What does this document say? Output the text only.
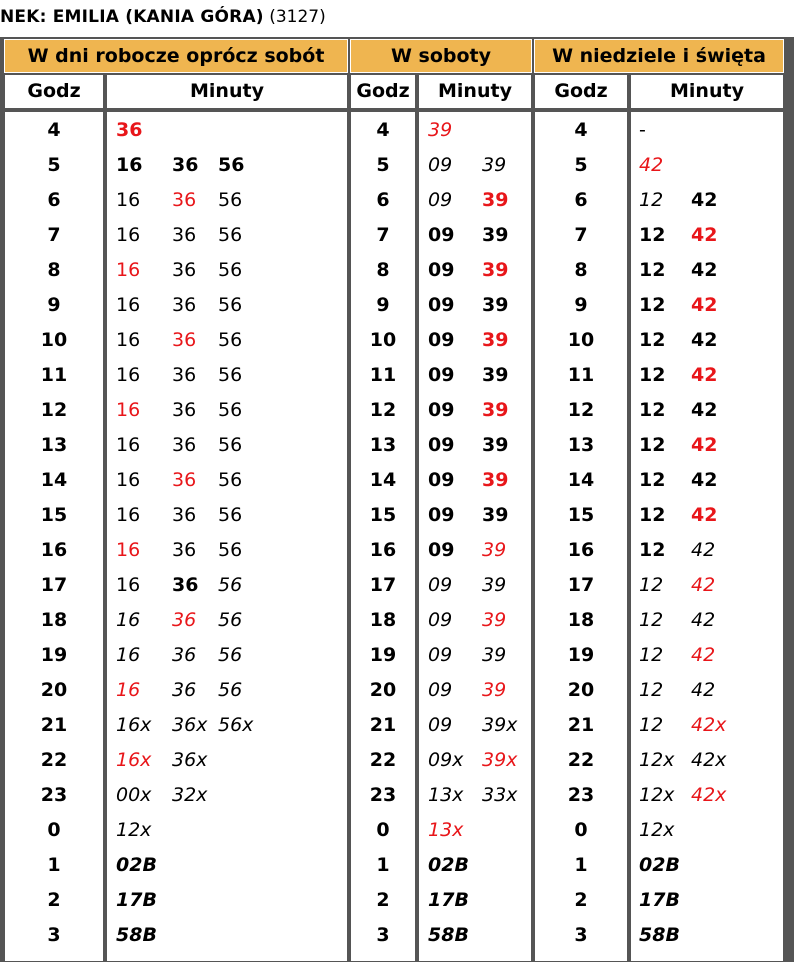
NEK: EMILIA (KANIA GÓRA) (3127)
W dni robocze oprócz sobót
Godz	Minuty
4	36
5	16 36 56
6	16 36 56
7	16 36 56
8	16 36 56
9	16 36 56
10	16 36 56
11	16 36 56
12	16 36 56
13	16 36 56
14	16 36 56
15	16 36 56
16	16 36 56
17	16 36 56
18	16 36 56
19	16 36 56
20	16 36 56
21	16x 36x 56x
22	16x 36x
23	00x 32x
0	12x
1	02B
2	17B
3	58B
W soboty
Godz	Minuty
4	39
5	09 39
6	09 39
7	09 39
8	09 39
9	09 39
10	09 39
11	09 39
12	09 39
13	09 39
14	09 39
15	09 39
16	09 39
17	09 39
18	09 39
19	09 39
20	09 39
21	09 39x
22	09x 39x
23	13x 33x
0	13x
1	02B
2	17B
3	58B
W niedziele i święta
Godz	Minuty
4	-
5	42
6	12 42
7	12 42
8	12 42
9	12 42
10	12 42
11	12 42
12	12 42
13	12 42
14	12 42
15	12 42
16	12 42
17	12 42
18	12 42
19	12 42
20	12 42
21	12 42x
22	12x 42x
23	12x 42x
0	12x
1	02B
2	17B
3	58B
